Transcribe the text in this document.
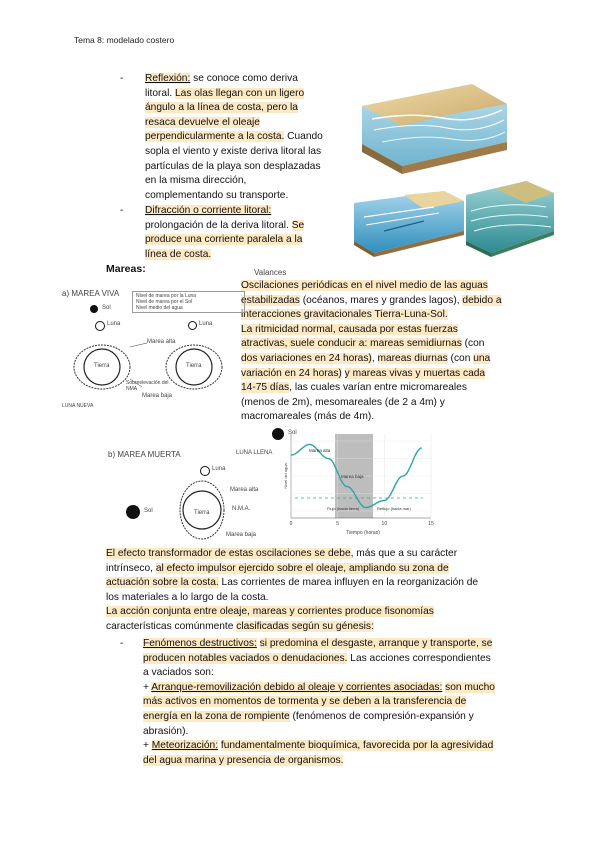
Tema 8: modelado costero
- Reflexión: se conoce como deriva
litoral. Las olas llegan con un ligero
ángulo a la línea de costa, pero la
resaca devuelve el oleaje
perpendicularmente a la costa. Cuando
sopla el viento y existe deriva litoral las
partículas de la playa son desplazadas
en la misma dirección,
complementando su transporte.
- Difracción o corriente litoral:
prolongación de la deriva litoral. Se
produce una corriente paralela a la
línea de costa.
Mareas:	Valances
Oscilaciones periódicas en el nivel medio de las aguas
estabilizadas (océanos, mares y grandes lagos), debido a
interacciones gravitacionales Tierra-Luna-Sol.
La ritmicidad normal, causada por estas fuerzas
atractivas, suele conducir a: mareas semidiurnas (con
dos variaciones en 24 horas), mareas diurnas (con una
variación en 24 horas) y mareas vivas y muertas cada
14-75 días, las cuales varían entre micromareales
(menos de 2m), mesomareales (de 2 a 4m) y
macromareales (más de 4m).
a) MAREA VIVA	Nivel de marea por la Luna
Nivel de marea por el Sol
Nivel medio del agua
Sol
Luna	Luna
Tierra	Tierra
Marea alta
Sobreelevación del NMA
Marea baja
LUNA NUEVA
Sol
LUNA LLENA
b) MAREA MUERTA
Luna
Sol	Tierra
Marea alta
N.M.A.
Marea baja
0	5	10	15
Tiempo (horas)
Nivel del agua
Marea alta
Marea baja
Flujo (hacia tierra)	Reflujo (hacia mar)
El efecto transformador de estas oscilaciones se debe, más que a su carácter
intrínseco, al efecto impulsor ejercido sobre el oleaje, ampliando su zona de
actuación sobre la costa. Las corrientes de marea influyen en la reorganización de
los materiales a lo largo de la costa.
La acción conjunta entre oleaje, mareas y corrientes produce fisonomías
características comúnmente clasificadas según su génesis:
-	Fenómenos destructivos: si predomina el desgaste, arranque y transporte, se
producen notables vaciados o denudaciones. Las acciones correspondientes
a vaciados son:
+ Arranque-removilización debido al oleaje y corrientes asociadas: son mucho
más activos en momentos de tormenta y se deben a la transferencia de
energía en la zona de rompiente (fenómenos de compresión-expansión y
abrasión).
+ Meteorización: fundamentalmente bioquímica, favorecida por la agresividad
del agua marina y presencia de organismos.
